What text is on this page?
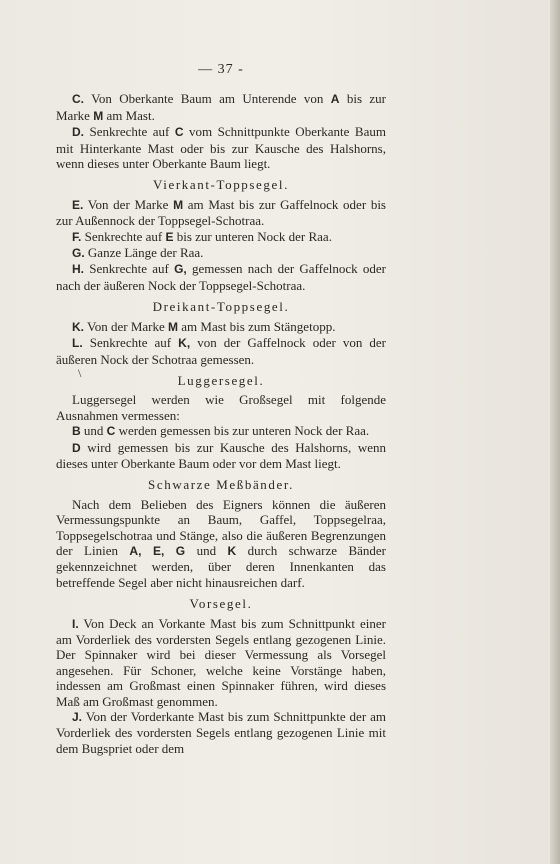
— 37 -
C. Von Oberkante Baum am Unterende von A bis zur Marke M am Mast.
D. Senkrechte auf C vom Schnittpunkte Oberkante Baum mit Hinterkante Mast oder bis zur Kausche des Halshorns, wenn dieses unter Oberkante Baum liegt.
Vierkant-Toppsegel.
E. Von der Marke M am Mast bis zur Gaffelnock oder bis zur Außennock der Toppsegel-Schotraa.
F. Senkrechte auf E bis zur unteren Nock der Raa.
G. Ganze Länge der Raa.
H. Senkrechte auf G, gemessen nach der Gaffelnock oder nach der äußeren Nock der Toppsegel-Schotraa.
Dreikant-Toppsegel.
K. Von der Marke M am Mast bis zum Stängetopp.
L. Senkrechte auf K, von der Gaffelnock oder von der äußeren Nock der Schotraa gemessen.
Luggersegel.
Luggersegel werden wie Großsegel mit folgende Ausnahmen vermessen:
B und C werden gemessen bis zur unteren Nock der Raa.
D wird gemessen bis zur Kausche des Halshorns, wenn dieses unter Oberkante Baum oder vor dem Mast liegt.
Schwarze Meßbänder.
Nach dem Belieben des Eigners können die äußeren Vermessungspunkte an Baum, Gaffel, Toppsegelraa, Toppsegelschotraa und Stänge, also die äußeren Begrenzungen der Linien A, E, G und K durch schwarze Bänder gekennzeichnet werden, über deren Innenkanten das betreffende Segel aber nicht hinausreichen darf.
Vorsegel.
I. Von Deck an Vorkante Mast bis zum Schnittpunkt einer am Vorderliek des vordersten Segels entlang gezogenen Linie. Der Spinnaker wird bei dieser Vermessung als Vorsegel angesehen. Für Schoner, welche keine Vorstänge haben, indessen am Großmast einen Spinnaker führen, wird dieses Maß am Großmast genommen.
J. Von der Vorderkante Mast bis zum Schnittpunkte der am Vorderliek des vordersten Segels entlang gezogenen Linie mit dem Bugspriet oder dem
\
